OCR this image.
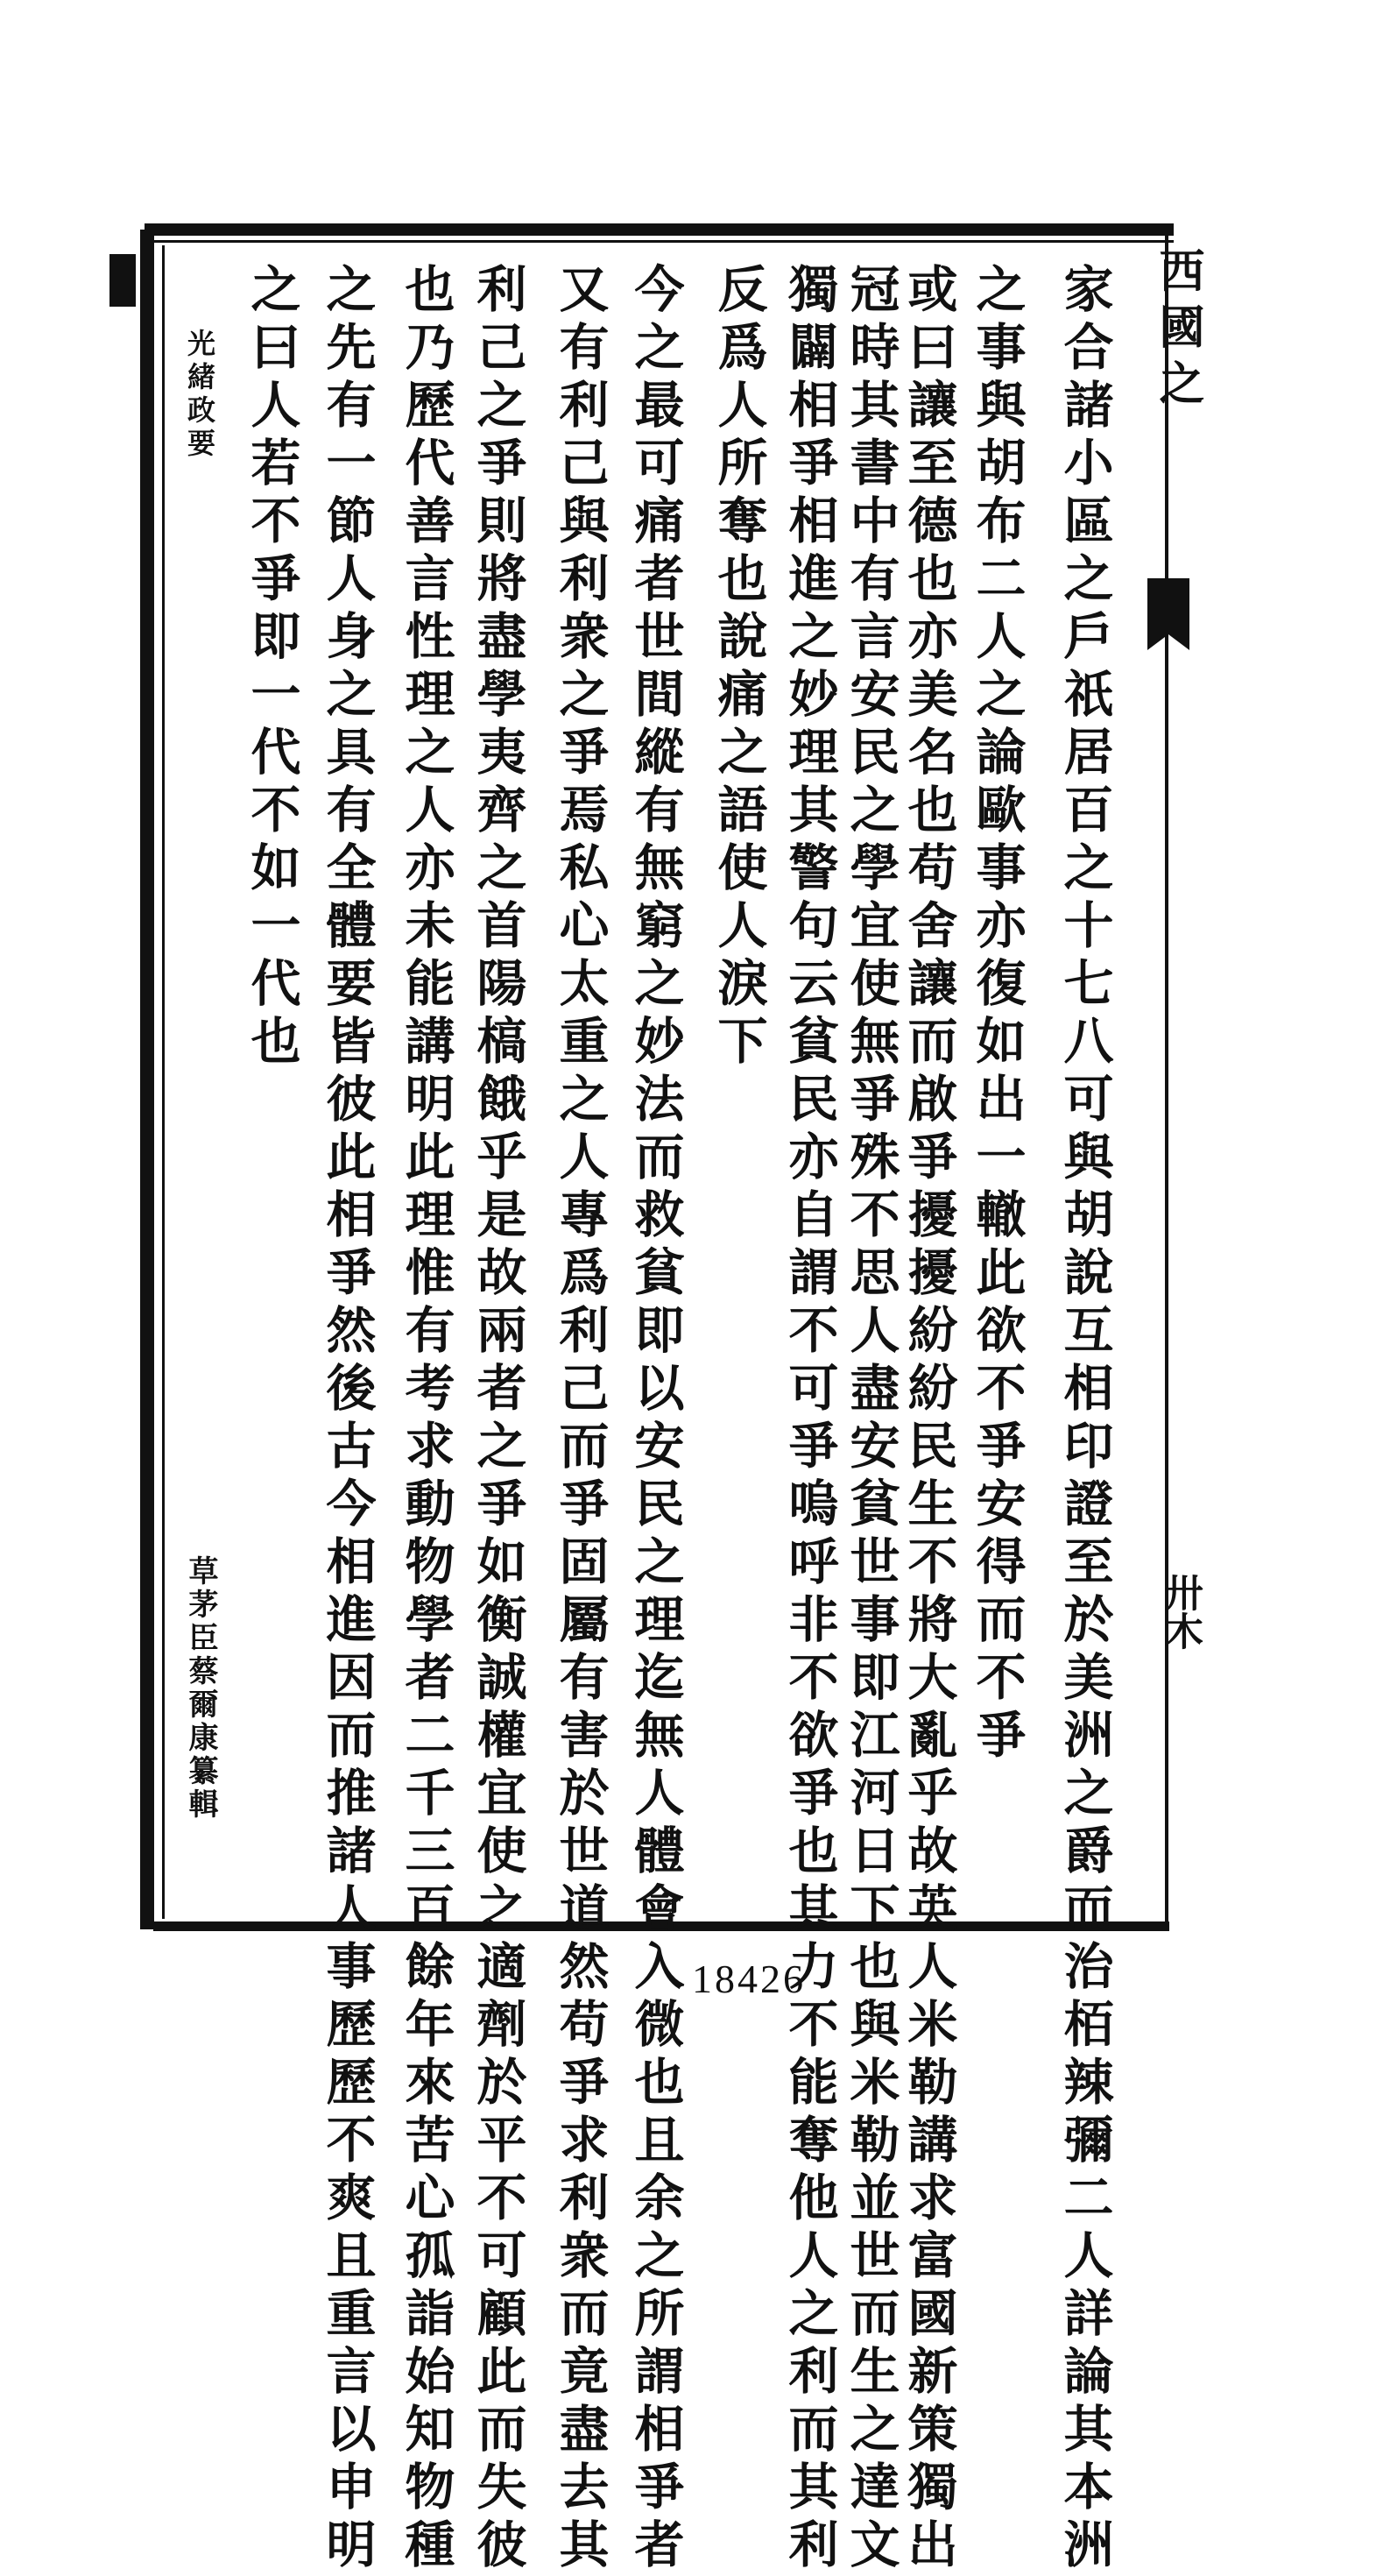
西國之
卅木
家合諸小區之戶祇居百之十七八可與胡說互相印證至於美洲之爵而治栢辣彌二人詳論其本洲
之事與胡布二人之論歐事亦復如出一轍此欲不爭安得而不爭
或曰讓至德也亦美名也苟舍讓而啟爭擾擾紛紛民生不將大亂乎故英人米勒講求富國新策獨出
冠時其書中有言安民之學宜使無爭殊不思人盡安貧世事即江河日下也與米勒並世而生之達文
獨闢相爭相進之妙理其警句云貧民亦自謂不可爭嗚呼非不欲爭也其力不能奪他人之利而其利
反爲人所奪也說痛之語使人淚下
今之最可痛者世間縱有無窮之妙法而救貧即以安民之理迄無人體會入微也且余之所謂相爭者
又有利己與利衆之爭焉私心太重之人專爲利己而爭固屬有害於世道然苟爭求利衆而竟盡去其
利己之爭則將盡學夷齊之首陽槁餓乎是故兩者之爭如衡誠權宜使之適劑於平不可顧此而失彼
也乃歷代善言性理之人亦未能講明此理惟有考求動物學者二千三百餘年來苦心孤詣始知物種
之先有一節人身之具有全體要皆彼此相爭然後古今相進因而推諸人事歷歷不爽且重言以申明
之曰人若不爭即一代不如一代也
光緒政要
草茅臣蔡爾康纂輯
18426
